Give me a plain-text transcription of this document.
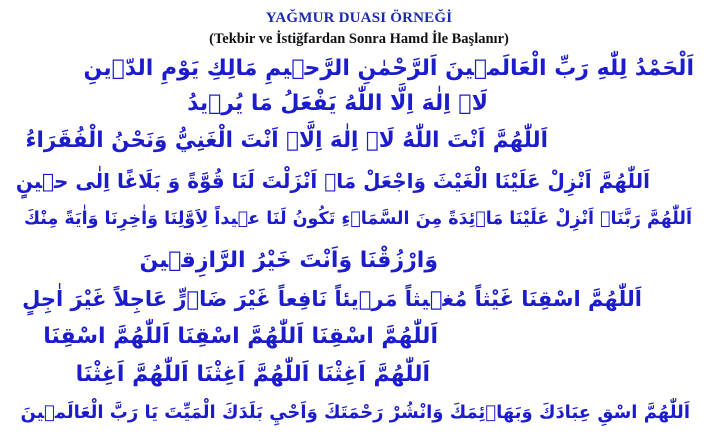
YAĞMUR DUASI ÖRNEĞİ
(Tekbir ve İstiğfardan Sonra Hamd İle Başlanır)
اَلْحَمْدُ لِلّٰهِ رَبِّ الْعَالَم۪ينَ اَلرَّحْمٰنِ الرَّح۪يمِ مَالِكِ يَوْمِ الدّ۪ينِ
لَاۤ اِلٰهَ اِلَّا اللّٰهُ يَفْعَلُ مَا يُر۪يدُ
اَللّٰهُمَّ اَنْتَ اللّٰهُ لَاۤ اِلٰهَ اِلَّاۤ اَنْتَ الْغَنِيُّ وَنَحْنُ الْفُقَرَاءُ
اَللّٰهُمَّ اَنْزِلْ عَلَيْنَا الْغَيْثَ وَاجْعَلْ مَاۤ اَنْزَلْتَ لَنَا قُوَّةً وَ بَلَاغًا اِلٰى ح۪ينٍ
اَللّٰهُمَّ رَبَّنَاۤ اَنْزِلْ عَلَيْنَا مَاۤئِدَةً مِنَ السَّمَاۤءِ تَكُونُ لَنَا ع۪يداً لِاَوَّلِنَا وَاٰخِرِنَا وَاٰيَةً مِنْكَ
وَارْزُقْنَا وَاَنْتَ خَيْرُ الرَّازِق۪ينَ
اَللّٰهُمَّ اسْقِنَا غَيْثاً مُغ۪يثاً مَر۪يئاً نَافِعاً غَيْرَ ضَاۤرٍّ عَاجِلاً غَيْرَ اٰجِلٍ
اَللّٰهُمَّ اسْقِنَا اَللّٰهُمَّ اسْقِنَا اَللّٰهُمَّ اسْقِنَا
اَللّٰهُمَّ اَغِثْنَا اَللّٰهُمَّ اَغِثْنَا اَللّٰهُمَّ اَغِثْنَا
اَللّٰهُمَّ اسْقِ عِبَادَكَ وَبَهَاۤئِمَكَ وَانْشُرْ رَحْمَتَكَ وَاَحْيِ بَلَدَكَ الْمَيِّتَ يَا رَبَّ الْعَالَم۪ينَ
